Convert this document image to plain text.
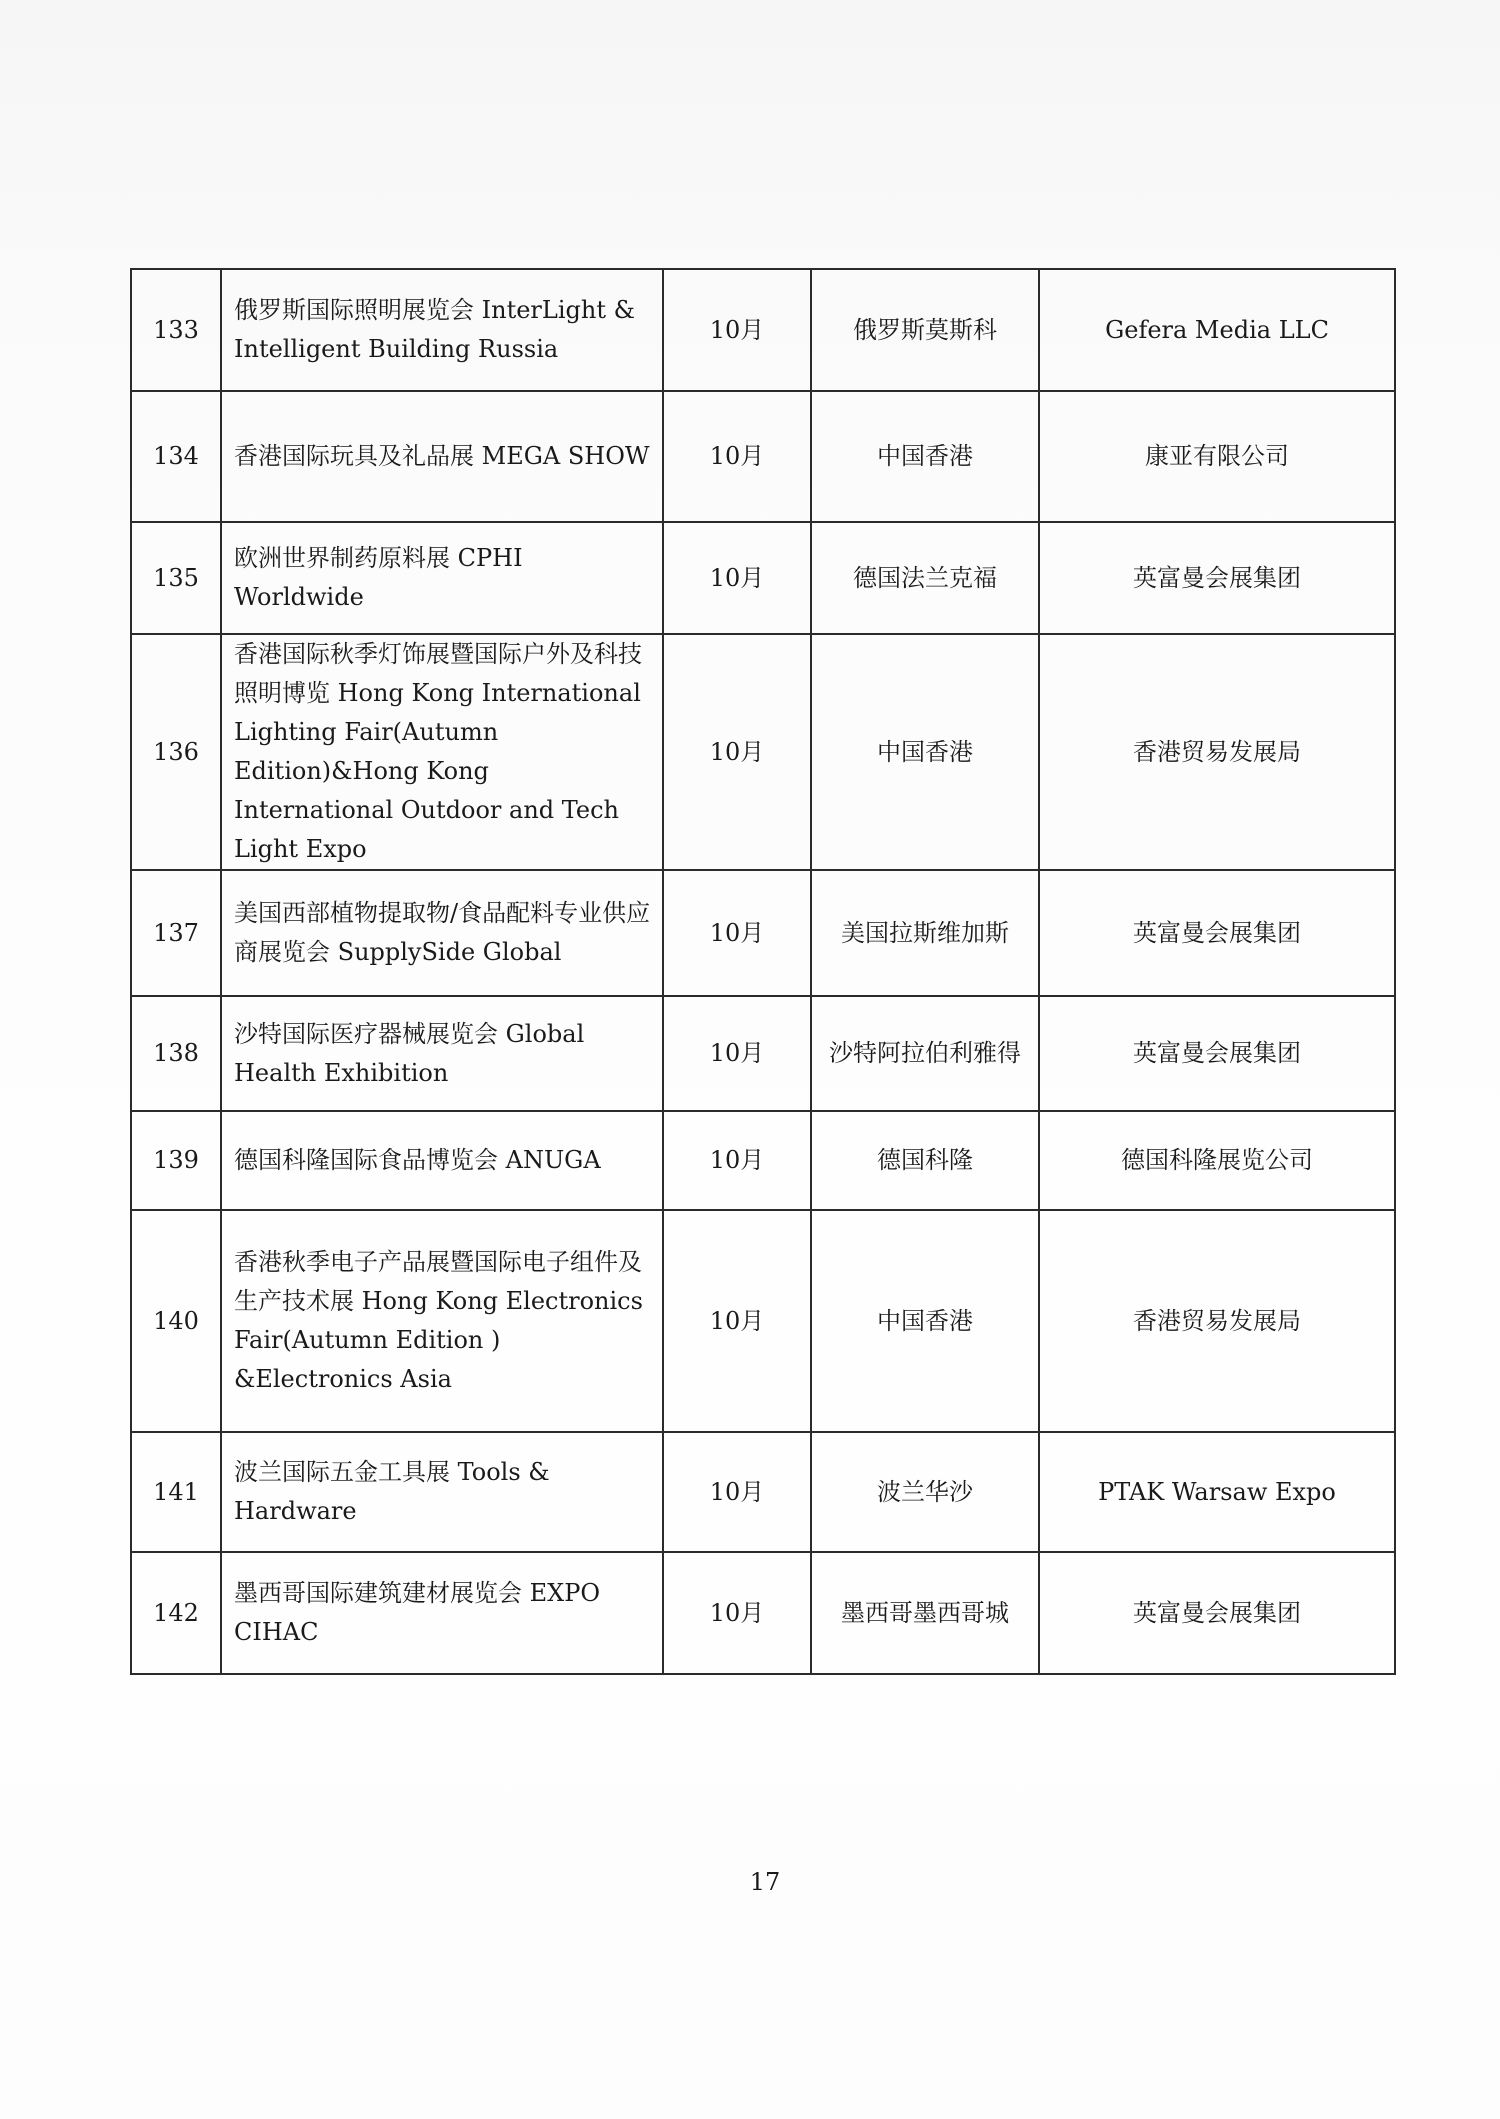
133	俄罗斯国际照明展览会 InterLight & Intelligent Building Russia	10月	俄罗斯莫斯科	Gefera Media LLC
134	香港国际玩具及礼品展 MEGA SHOW	10月	中国香港	康亚有限公司
135	欧洲世界制药原料展 CPHI Worldwide	10月	德国法兰克福	英富曼会展集团
136	香港国际秋季灯饰展暨国际户外及科技照明博览 Hong Kong International Lighting Fair(Autumn Edition)&Hong Kong International Outdoor and Tech Light Expo	10月	中国香港	香港贸易发展局
137	美国西部植物提取物/食品配料专业供应商展览会 SupplySide Global	10月	美国拉斯维加斯	英富曼会展集团
138	沙特国际医疗器械展览会 Global Health Exhibition	10月	沙特阿拉伯利雅得	英富曼会展集团
139	德国科隆国际食品博览会 ANUGA	10月	德国科隆	德国科隆展览公司
140	香港秋季电子产品展暨国际电子组件及生产技术展 Hong Kong Electronics Fair(Autumn Edition ) &Electronics Asia	10月	中国香港	香港贸易发展局
141	波兰国际五金工具展 Tools & Hardware	10月	波兰华沙	PTAK Warsaw Expo
142	墨西哥国际建筑建材展览会 EXPO CIHAC	10月	墨西哥墨西哥城	英富曼会展集团
17
